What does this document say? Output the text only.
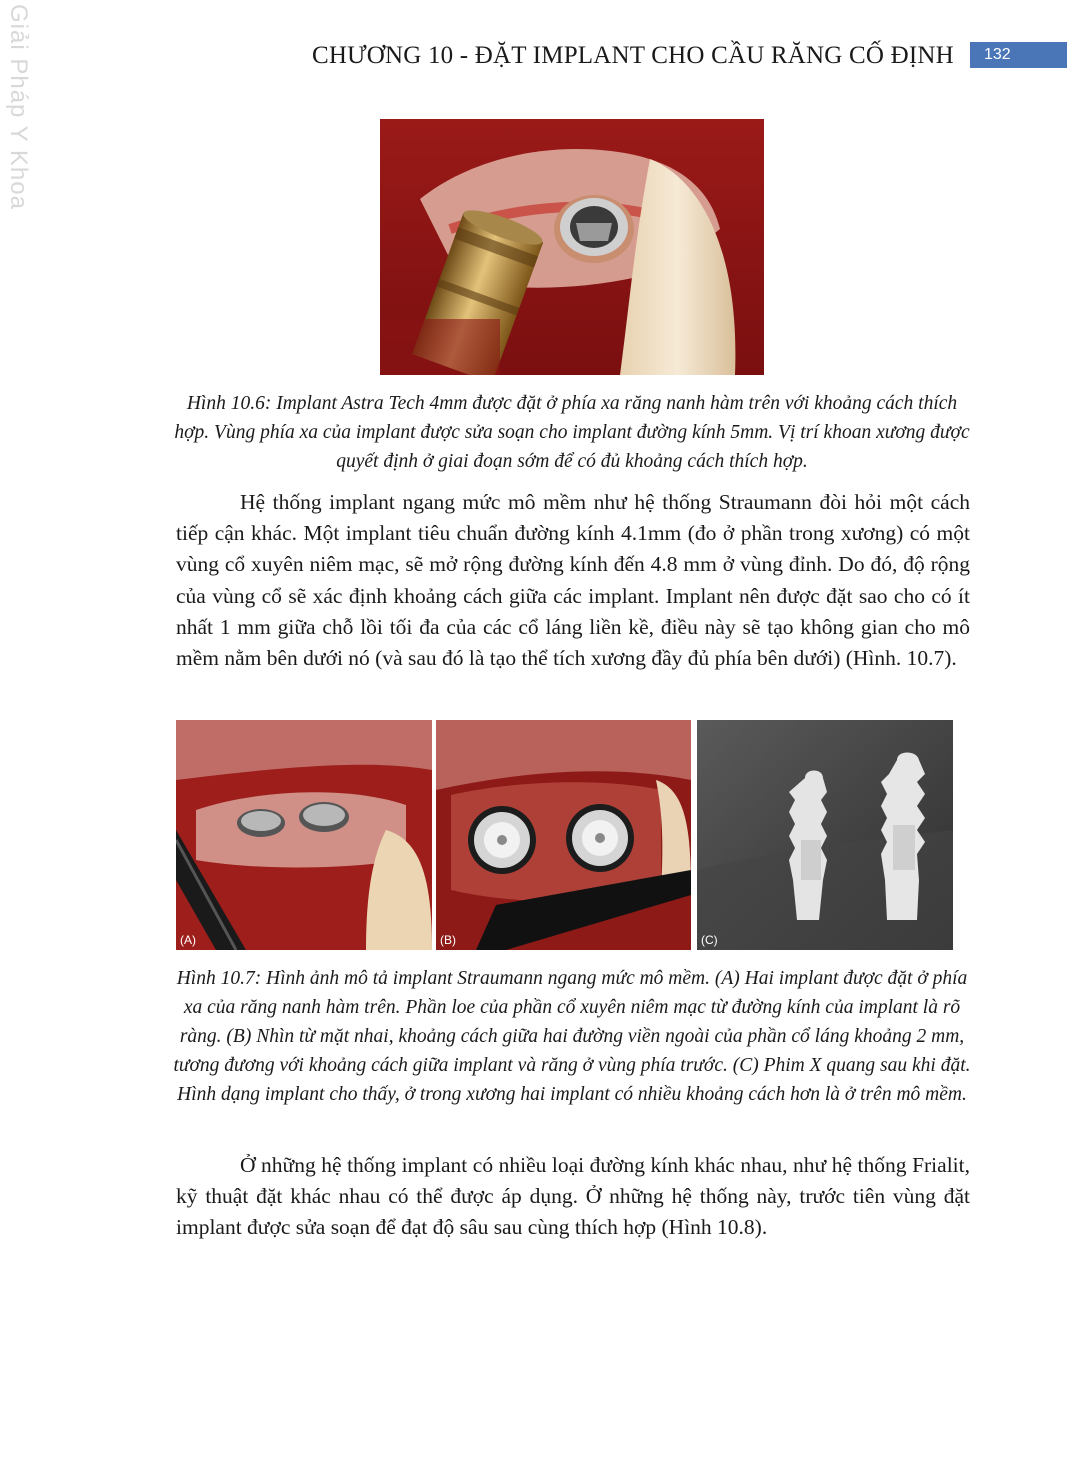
Giải Pháp Y Khoa	CHƯƠNG 10 - ĐẶT IMPLANT CHO CẦU RĂNG CỐ ĐỊNH	132
Hình 10.6: Implant Astra Tech 4mm được đặt ở phía xa răng nanh hàm trên với khoảng cách thích hợp. Vùng phía xa của implant được sửa soạn cho implant đường kính 5mm. Vị trí khoan xương được quyết định ở giai đoạn sớm để có đủ khoảng cách thích hợp.

Hệ thống implant ngang mức mô mềm như hệ thống Straumann đòi hỏi một cách tiếp cận khác. Một implant tiêu chuẩn đường kính 4.1mm (đo ở phần trong xương) có một vùng cổ xuyên niêm mạc, sẽ mở rộng đường kính đến 4.8 mm ở vùng đỉnh. Do đó, độ rộng của vùng cổ sẽ xác định khoảng cách giữa các implant. Implant nên được đặt sao cho có ít nhất 1 mm giữa chỗ lồi tối đa của các cổ láng liền kề, điều này sẽ tạo không gian cho mô mềm nằm bên dưới nó (và sau đó là tạo thể tích xương đầy đủ phía bên dưới) (Hình. 10.7).

(A)	(B)	(C)
Hình 10.7: Hình ảnh mô tả implant Straumann ngang mức mô mềm. (A) Hai implant được đặt ở phía xa của răng nanh hàm trên. Phần loe của phần cổ xuyên niêm mạc từ đường kính của implant là rõ ràng. (B) Nhìn từ mặt nhai, khoảng cách giữa hai đường viền ngoài của phần cổ láng khoảng 2 mm, tương đương với khoảng cách giữa implant và răng ở vùng phía trước. (C) Phim X quang sau khi đặt. Hình dạng implant cho thấy, ở trong xương hai implant có nhiều khoảng cách hơn là ở trên mô mềm.

Ở những hệ thống implant có nhiều loại đường kính khác nhau, như hệ thống Frialit, kỹ thuật đặt khác nhau có thể được áp dụng. Ở những hệ thống này, trước tiên vùng đặt implant được sửa soạn để đạt độ sâu sau cùng thích hợp (Hình 10.8).
